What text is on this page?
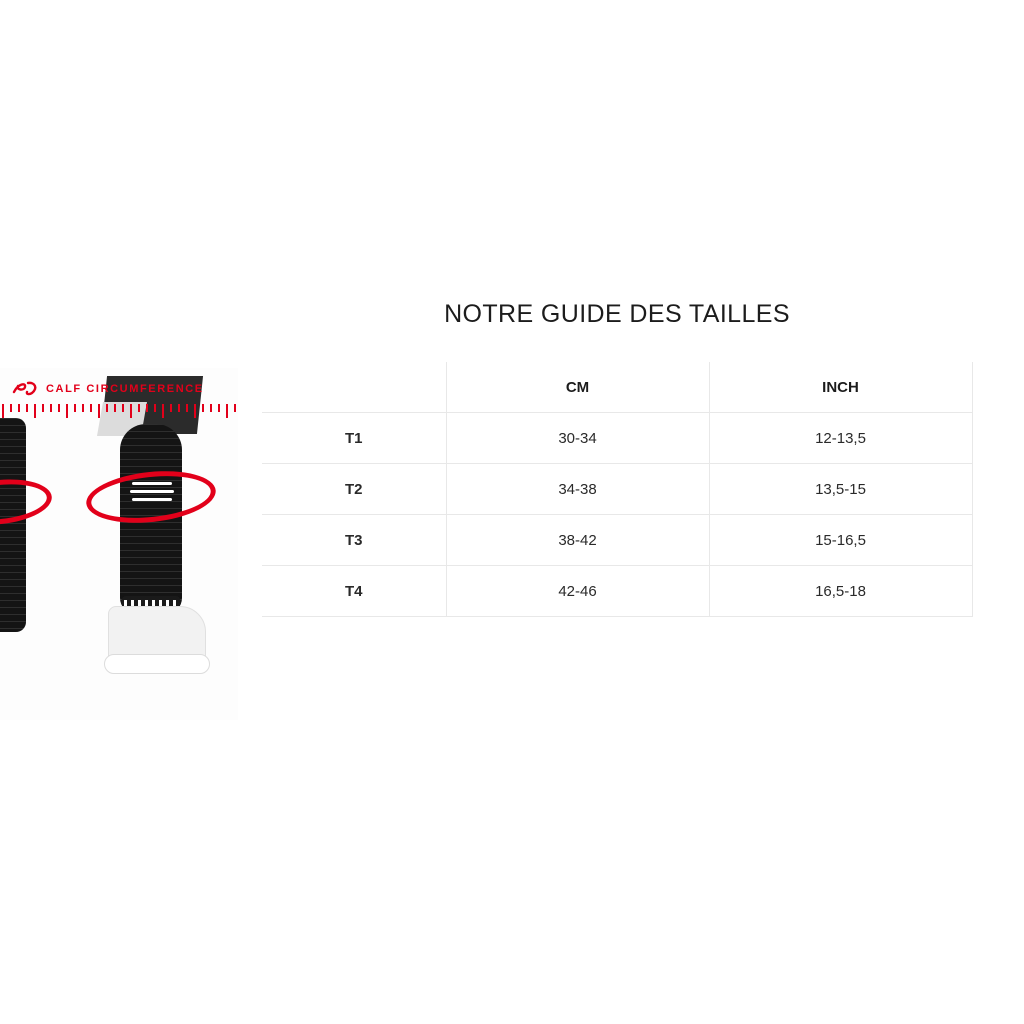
CALF CIRCUMFERENCE
NOTRE GUIDE DES TAILLES
	CM	INCH
T1	30-34	12-13,5
T2	34-38	13,5-15
T3	38-42	15-16,5
T4	42-46	16,5-18
